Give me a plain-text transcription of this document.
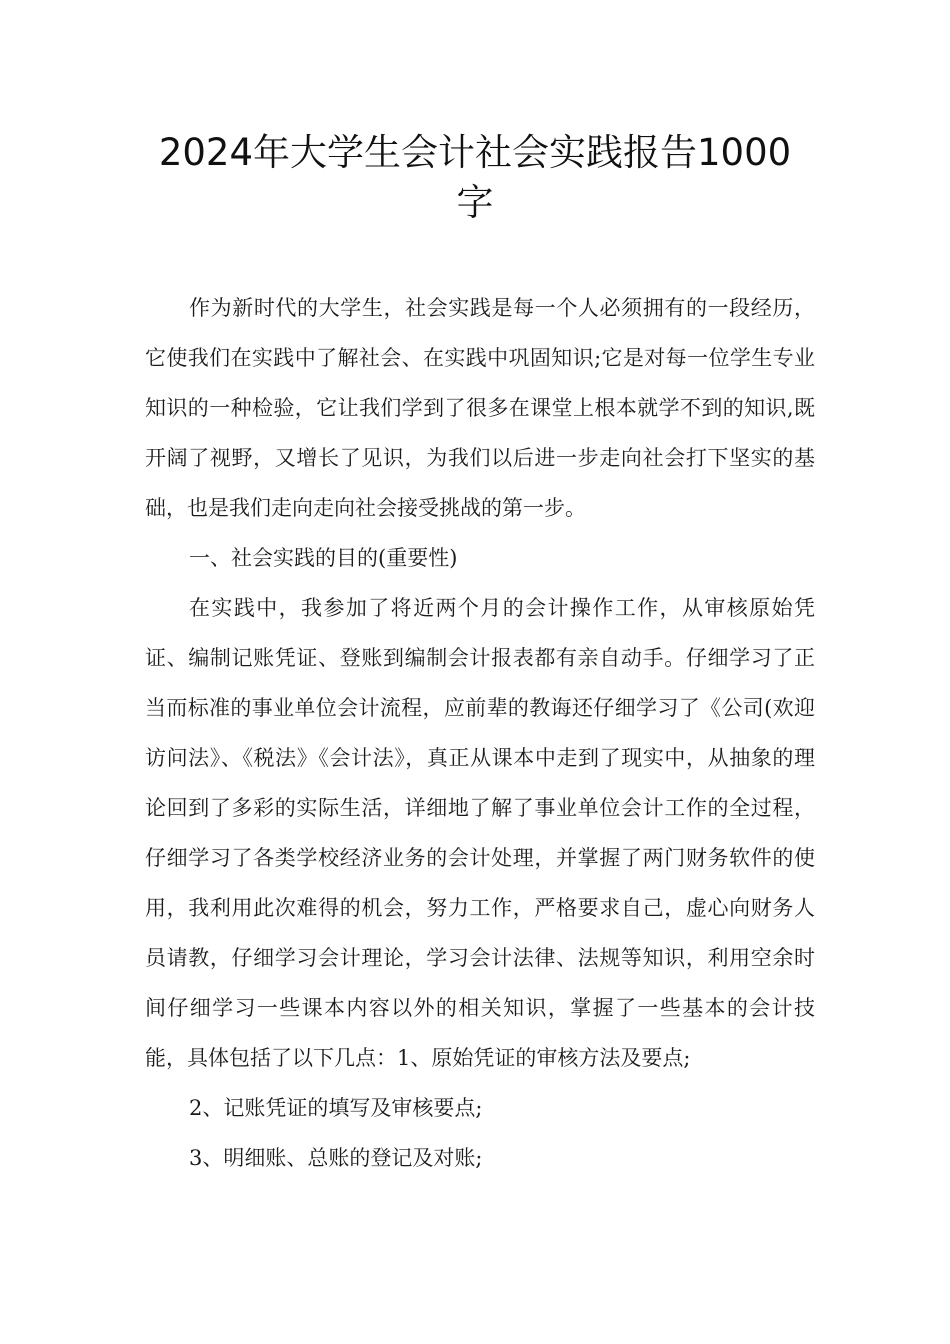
2024年大学生会计社会实践报告1000字

作为新时代的大学生，社会实践是每一个人必须拥有的一段经历，它使我们在实践中了解社会、在实践中巩固知识;它是对每一位学生专业知识的一种检验，它让我们学到了很多在课堂上根本就学不到的知识,既开阔了视野，又增长了见识，为我们以后进一步走向社会打下坚实的基础，也是我们走向走向社会接受挑战的第一步。

一、社会实践的目的(重要性)

在实践中，我参加了将近两个月的会计操作工作，从审核原始凭证、编制记账凭证、登账到编制会计报表都有亲自动手。仔细学习了正当而标准的事业单位会计流程，应前辈的教诲还仔细学习了《公司(欢迎访问法》、《税法》《会计法》，真正从课本中走到了现实中，从抽象的理论回到了多彩的实际生活，详细地了解了事业单位会计工作的全过程，仔细学习了各类学校经济业务的会计处理，并掌握了两门财务软件的使用，我利用此次难得的机会，努力工作，严格要求自己，虚心向财务人员请教，仔细学习会计理论，学习会计法律、法规等知识，利用空余时间仔细学习一些课本内容以外的相关知识，掌握了一些基本的会计技能，具体包括了以下几点：1、原始凭证的审核方法及要点;

2、记账凭证的填写及审核要点;

3、明细账、总账的登记及对账;
